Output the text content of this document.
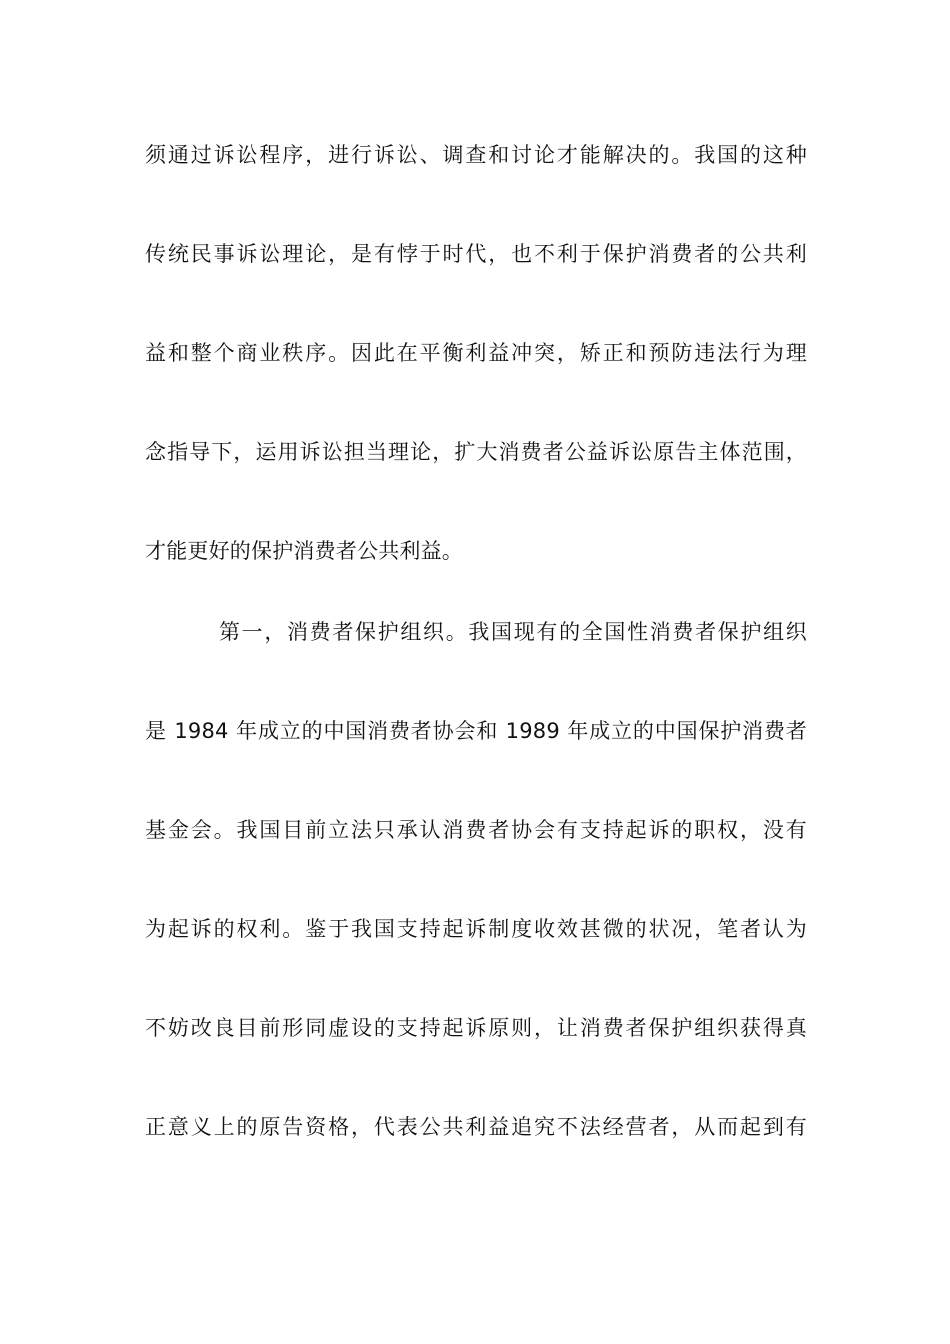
须通过诉讼程序，进行诉讼、调查和讨论才能解决的。我国的这种
传统民事诉讼理论，是有悖于时代，也不利于保护消费者的公共利
益和整个商业秩序。因此在平衡利益冲突，矫正和预防违法行为理
念指导下，运用诉讼担当理论，扩大消费者公益诉讼原告主体范围，
才能更好的保护消费者公共利益。
第一，消费者保护组织。我国现有的全国性消费者保护组织
是 1984 年成立的中国消费者协会和 1989 年成立的中国保护消费者
基金会。我国目前立法只承认消费者协会有支持起诉的职权，没有
为起诉的权利。鉴于我国支持起诉制度收效甚微的状况，笔者认为
不妨改良目前形同虚设的支持起诉原则，让消费者保护组织获得真
正意义上的原告资格，代表公共利益追究不法经营者，从而起到有
